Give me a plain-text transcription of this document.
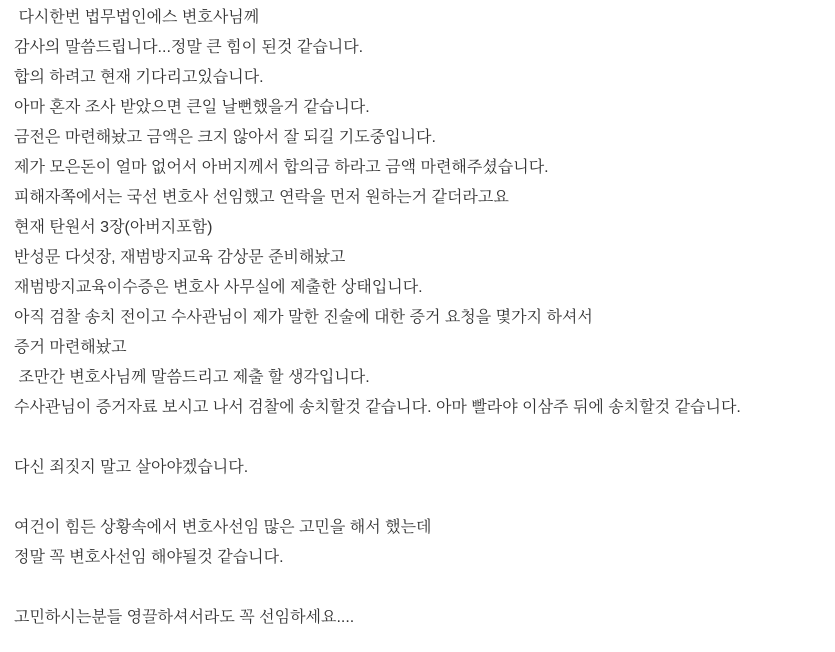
다시한번 법무법인에스 변호사님께
감사의 말씀드립니다...정말 큰 힘이 된것 같습니다.
합의 하려고 현재 기다리고있습니다.
아마 혼자 조사 받았으면 큰일 날뻔했을거 같습니다.
금전은 마련해놨고 금액은 크지 않아서 잘 되길 기도중입니다.
제가 모은돈이 얼마 없어서 아버지께서 합의금 하라고 금액 마련해주셨습니다.
피해자쪽에서는 국선 변호사 선임했고 연락을 먼저 원하는거 같더라고요
현재 탄원서 3장(아버지포함)
반성문 다섯장, 재범방지교육 감상문 준비해놨고
재범방지교육이수증은 변호사 사무실에 제출한 상태입니다.
아직 검찰 송치 전이고 수사관님이 제가 말한 진술에 대한 증거 요청을 몇가지 하셔서
증거 마련해놨고
조만간 변호사님께 말씀드리고 제출 할 생각입니다.
수사관님이 증거자료 보시고 나서 검찰에 송치할것 같습니다. 아마 빨라야 이삼주 뒤에 송치할것 같습니다.
다신 죄짓지 말고 살아야겠습니다.
여건이 힘든 상황속에서 변호사선임 많은 고민을 해서 했는데
정말 꼭 변호사선임 해야될것 같습니다.
고민하시는분들 영끌하셔서라도 꼭 선임하세요....
